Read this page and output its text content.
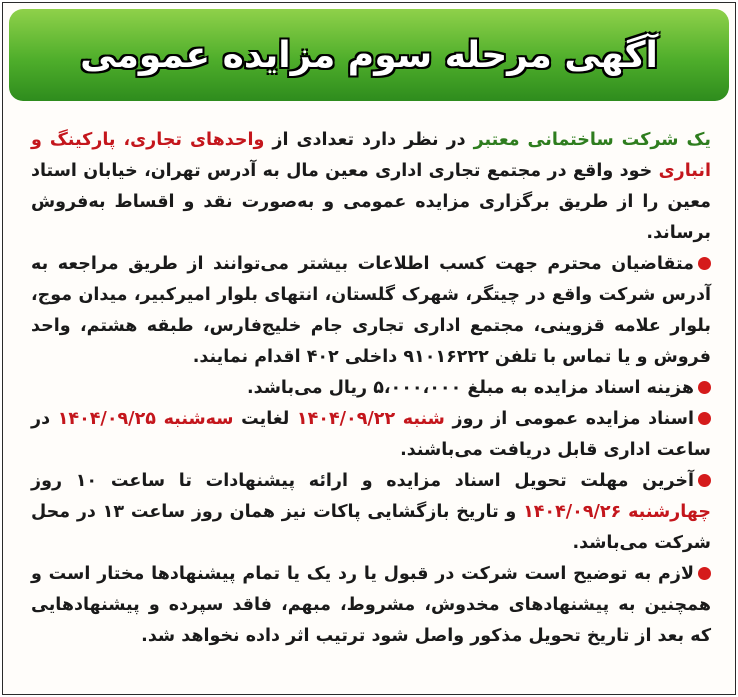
آگهی مرحله سوم مزایده عمومی

یک شرکت ساختمانی معتبر در نظر دارد تعدادی از واحدهای تجاری، پارکینگ و انباری خود واقع در مجتمع تجاری اداری معین مال به آدرس تهران، خیابان استاد معین را از طریق برگزاری مزایده عمومی و به‌صورت نقد و اقساط به‌فروش برساند.

متقاضیان محترم جهت کسب اطلاعات بیشتر می‌توانند از طریق مراجعه به آدرس شرکت واقع در چیتگر، شهرک گلستان، انتهای بلوار امیرکبیر، میدان موج، بلوار علامه قزوینی، مجتمع اداری تجاری جام خلیج‌فارس، طبقه هشتم، واحد فروش و یا تماس با تلفن ۹۱۰۱۶۲۲۲ داخلی ۴۰۲ اقدام نمایند.

هزینه اسناد مزایده به مبلغ ۵،۰۰۰،۰۰۰ ریال می‌باشد.

اسناد مزایده عمومی از روز شنبه ۱۴۰۴/۰۹/۲۲ لغایت سه‌شنبه ۱۴۰۴/۰۹/۲۵ در ساعت اداری قابل دریافت می‌باشند.

آخرین مهلت تحویل اسناد مزایده و ارائه پیشنهادات تا ساعت ۱۰ روز چهارشنبه ۱۴۰۴/۰۹/۲۶ و تاریخ بازگشایی پاکات نیز همان روز ساعت ۱۳ در محل شرکت می‌باشد.

لازم به توضیح است شرکت در قبول یا رد یک یا تمام پیشنهادها مختار است و همچنین به پیشنهادهای مخدوش، مشروط، مبهم، فاقد سپرده و پیشنهادهایی که بعد از تاریخ تحویل مذکور واصل شود ترتیب اثر داده نخواهد شد.
